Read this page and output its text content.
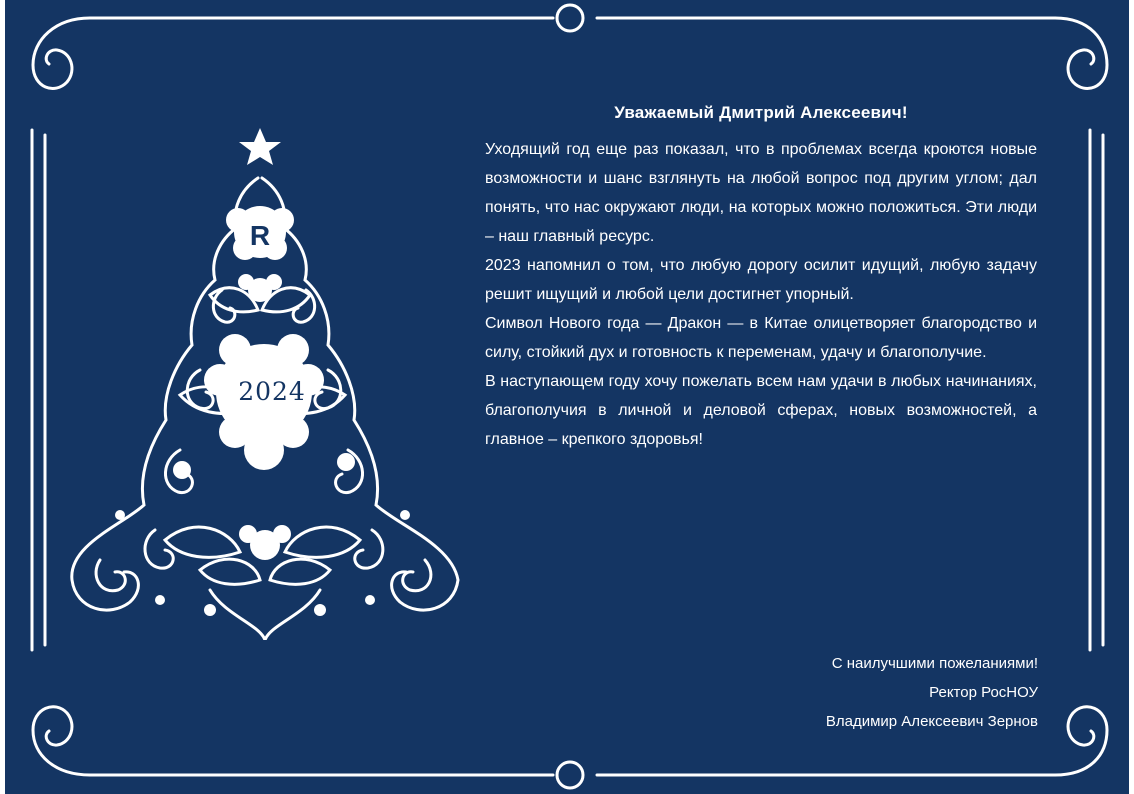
R
2024

Уважаемый Дмитрий Алексеевич!

Уходящий год еще раз показал, что в проблемах всегда кроются новые возможности и шанс взглянуть на любой вопрос под другим углом; дал понять, что нас окружают люди, на которых можно положиться. Эти люди – наш главный ресурс.

2023 напомнил о том, что любую дорогу осилит идущий, любую задачу решит ищущий и любой цели достигнет упорный.

Символ Нового года — Дракон — в Китае олицетворяет благородство и силу, стойкий дух и готовность к переменам, удачу и благополучие.

В наступающем году хочу пожелать всем нам удачи в любых начинаниях, благополучия в личной и деловой сферах, новых возможностей, а главное – крепкого здоровья!

С наилучшими пожеланиями!
Ректор РосНОУ
Владимир Алексеевич Зернов
